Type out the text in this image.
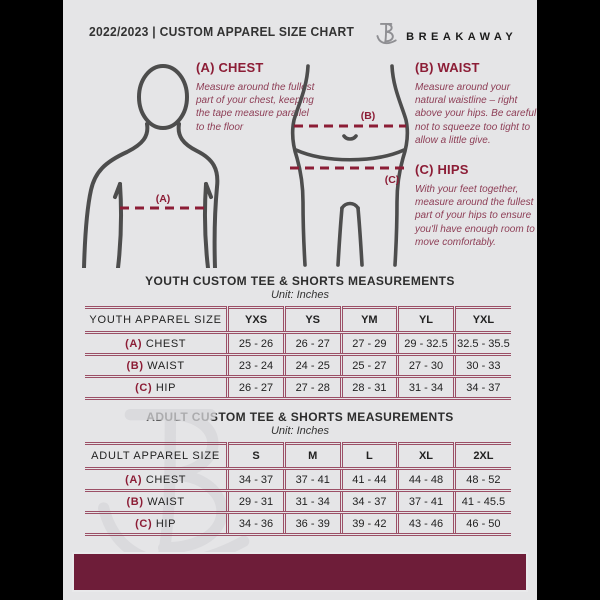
2022/2023 | CUSTOM APPAREL SIZE CHART	BREAKAWAY
(A)
(A) CHEST

Measure around the fullest part of your chest, keeping the tape measure parallel to the floor

(B)
(C)
(B) WAIST

Measure around your natural waistline – right above your hips. Be careful not to squeeze too tight to allow a little give.

(C) HIPS

With your feet together, measure around the fullest part of your hips to ensure you'll have enough room to move comfortably.

YOUTH CUSTOM TEE & SHORTS MEASUREMENTS
Unit: Inches
YOUTH APPAREL SIZE	YXS	YS	YM	YL	YXL
(A) CHEST	25 - 26	26 - 27	27 - 29	29 - 32.5	32.5 - 35.5
(B) WAIST	23 - 24	24 - 25	25 - 27	27 - 30	30 - 33
(C) HIP	26 - 27	27 - 28	28 - 31	31 - 34	34 - 37
ADULT CUSTOM TEE & SHORTS MEASUREMENTS
Unit: Inches
ADULT APPAREL SIZE	S	M	L	XL	2XL
(A) CHEST	34 - 37	37 - 41	41 - 44	44 - 48	48 - 52
(B) WAIST	29 - 31	31 - 34	34 - 37	37 - 41	41 - 45.5
(C) HIP	34 - 36	36 - 39	39 - 42	43 - 46	46 - 50
